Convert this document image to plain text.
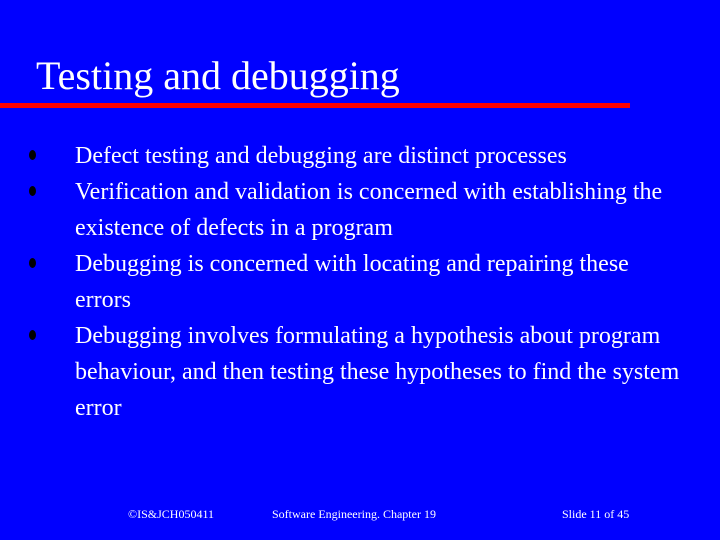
Testing and debugging
Defect testing and debugging are distinct processes
Verification and validation is concerned with establishing the existence of defects in a program
Debugging is concerned with locating and repairing these errors
Debugging involves formulating a hypothesis about program behaviour, and then testing these hypotheses to find the system error
©IS&JCH050411	Software Engineering. Chapter 19	Slide 11 of 45
